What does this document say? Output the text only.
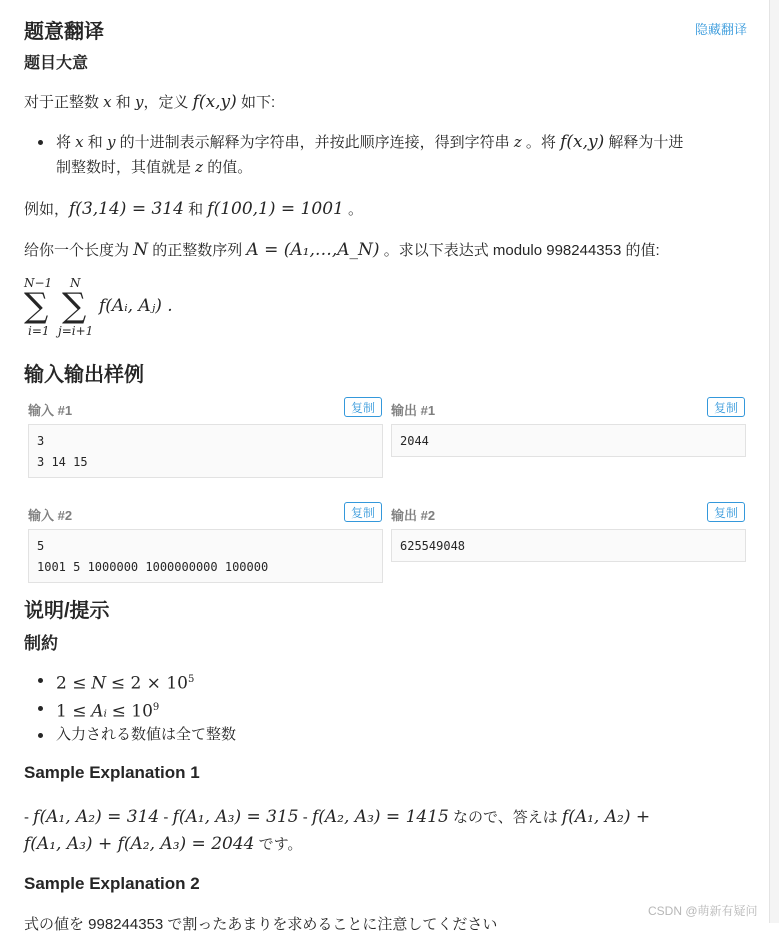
题意翻译	隐藏翻译
题目大意
对于正整数 x 和 y，定义 f(x,y) 如下:
将 x 和 y 的十进制表示解释为字符串，并按此顺序连接，得到字符串 z 。将 f(x,y) 解释为十进
制整数时，其值就是 z 的值。
例如，f(3,14) = 314 和 f(100,1) = 1001 。
给你一个长度为 N 的正整数序列 A = (A₁,…,A_N) 。求以下表达式 modulo 998244353 的值:
N−1
∑
i=1
N
∑
j=i+1
f(Aᵢ, Aⱼ) .
输入输出样例
输入 #1	复制
3
3 14 15
输出 #1	复制
2044
输入 #2	复制
5
1001 5 1000000 1000000000 100000
输出 #2	复制
625549048
说明/提示
制約
$2 \le N \le 2 \times 10^5$
1 ≤ Aᵢ ≤ $10^9$
入力される数値は全て整数
Sample Explanation 1
- f(A₁, A₂) = 314 - f(A₁, A₃) = 315 - f(A₂, A₃) = 1415 なので、答えは f(A₁, A₂) +
f(A₁, A₃) + f(A₂, A₃) = 2044 です。
Sample Explanation 2
式の値を 998244353 で割ったあまりを求めることに注意してください
CSDN @萌新有疑问
